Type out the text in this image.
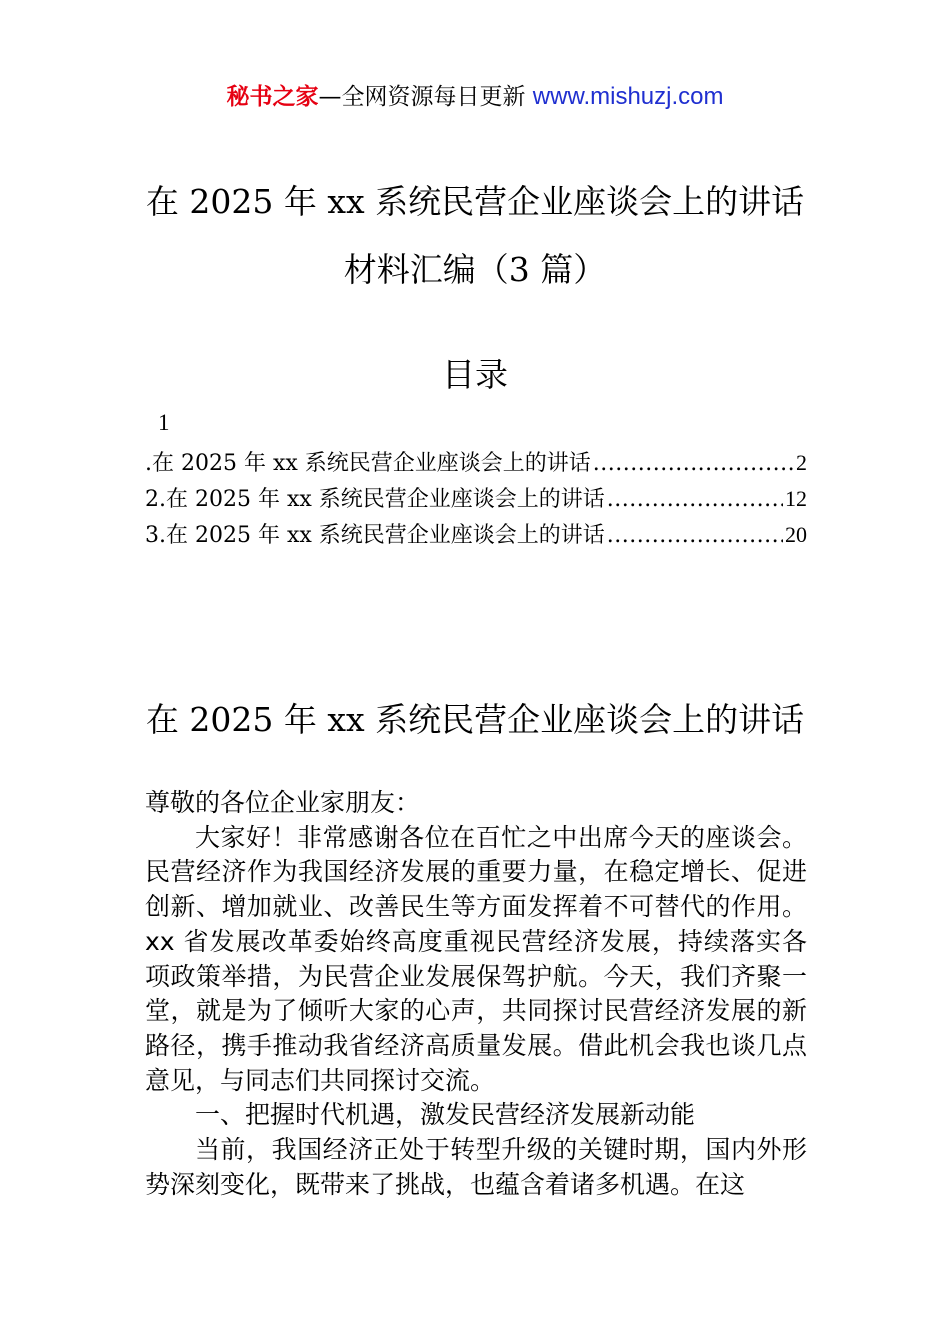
秘书之家—全网资源每日更新 www.mishuzj.com
在 2025 年 xx 系统民营企业座谈会上的讲话
材料汇编（3 篇）
目录
1
.在 2025 年 xx 系统民营企业座谈会上的讲话 .....	2
2.在 2025 年 xx 系统民营企业座谈会上的讲话 .....	12
3.在 2025 年 xx 系统民营企业座谈会上的讲话 .....	20
在 2025 年 xx 系统民营企业座谈会上的讲话

尊敬的各位企业家朋友：

大家好！非常感谢各位在百忙之中出席今天的座谈会。民营经济作为我国经济发展的重要力量，在稳定增长、促进创新、增加就业、改善民生等方面发挥着不可替代的作用。xx 省发展改革委始终高度重视民营经济发展，持续落实各项政策举措，为民营企业发展保驾护航。今天，我们齐聚一堂，就是为了倾听大家的心声，共同探讨民营经济发展的新路径，携手推动我省经济高质量发展。借此机会我也谈几点意见，与同志们共同探讨交流。

一、把握时代机遇，激发民营经济发展新动能

当前，我国经济正处于转型升级的关键时期，国内外形势深刻变化，既带来了挑战，也蕴含着诸多机遇。在这
